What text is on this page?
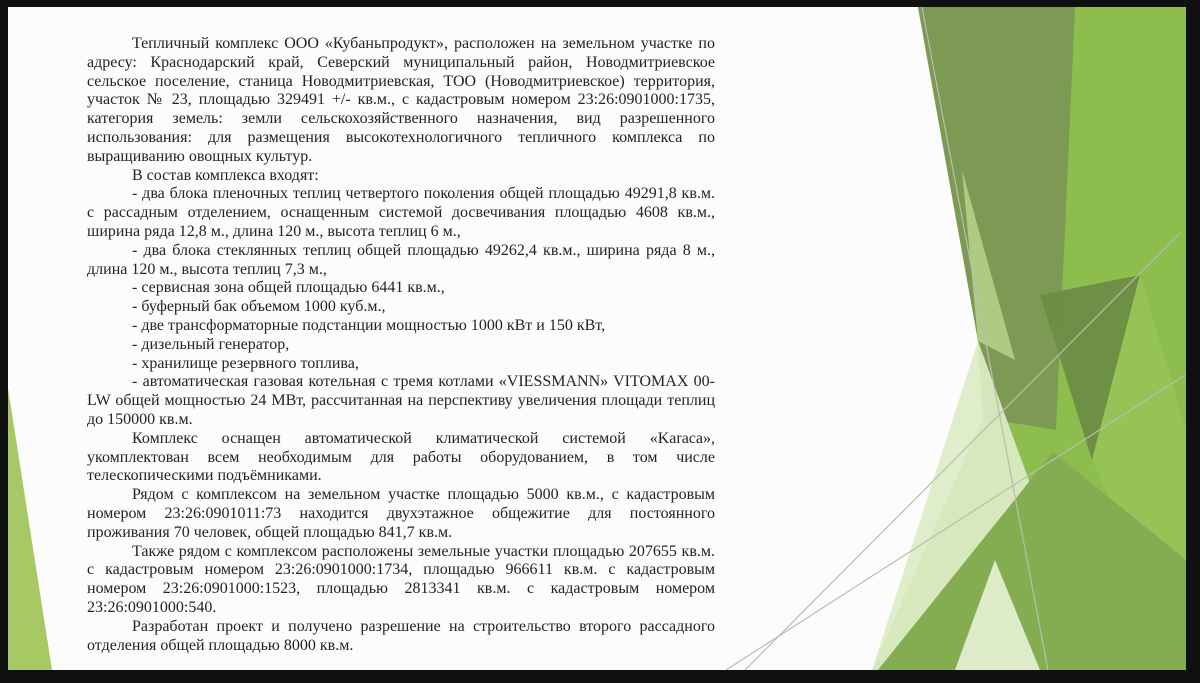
Тепличный комплекс ООО «Кубаньпродукт», расположен на земельном участке по адресу: Краснодарский край, Северский муниципальный район, Новодмитриевское сельское поселение, станица Новодмитриевская, ТОО (Новодмитриевское) территория, участок № 23, площадью 329491 +/- кв.м., с кадастровым номером 23:26:0901000:1735, категория земель: земли сельскохозяйственного назначения, вид разрешенного использования: для размещения высокотехнологичного тепличного комплекса по выращиванию овощных культур.

В состав комплекса входят:

- два блока пленочных теплиц четвертого поколения общей площадью 49291,8 кв.м. с рассадным отделением, оснащенным системой досвечивания площадью 4608 кв.м., ширина ряда 12,8 м., длина 120 м., высота теплиц 6 м.,

- два блока стеклянных теплиц общей площадью 49262,4 кв.м., ширина ряда 8 м., длина 120 м., высота теплиц 7,3 м.,

- сервисная зона общей площадью 6441 кв.м.,

- буферный бак объемом 1000 куб.м.,

- две трансформаторные подстанции мощностью 1000 кВт и 150 кВт,

- дизельный генератор,

- хранилище резервного топлива,

- автоматическая газовая котельная с тремя котлами «VIESSMANN» VITOMAX 00-LW общей мощностью 24 МВт, рассчитанная на перспективу увеличения площади теплиц до 150000 кв.м.

Комплекс оснащен автоматической климатической системой «Karaca», укомплектован всем необходимым для работы оборудованием, в том числе телескопическими подъёмниками.

Рядом с комплексом на земельном участке площадью 5000 кв.м., с кадастровым номером 23:26:0901011:73 находится двухэтажное общежитие для постоянного проживания 70 человек, общей площадью 841,7 кв.м.

Также рядом с комплексом расположены земельные участки площадью 207655 кв.м. с кадастровым номером 23:26:0901000:1734, площадью 966611 кв.м. с кадастровым номером 23:26:0901000:1523, площадью 2813341 кв.м. с кадастровым номером 23:26:0901000:540.

Разработан проект и получено разрешение на строительство второго рассадного отделения общей площадью 8000 кв.м.
